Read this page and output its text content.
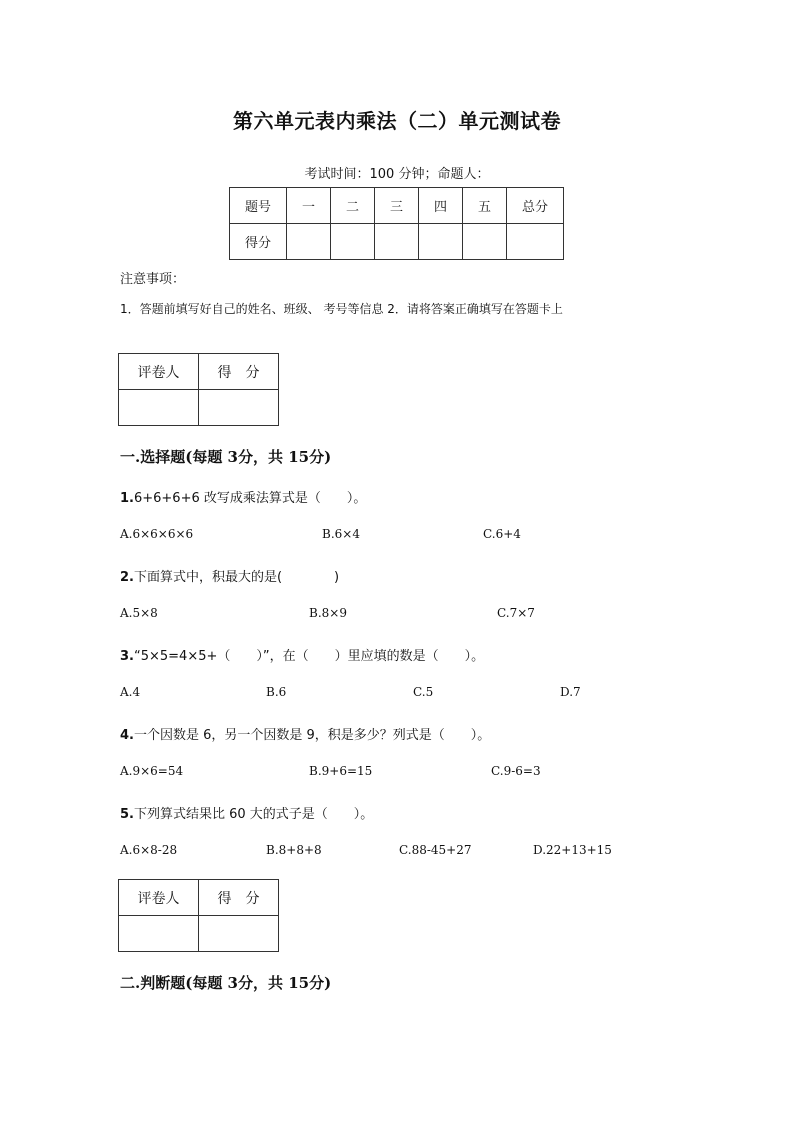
第六单元表内乘法（二）单元测试卷
考试时间：100 分钟；命题人：
题号	一	二	三	四	五	总分
得分						
注意事项：
1．答题前填写好自己的姓名、班级、 考号等信息 2．请将答案正确填写在答题卡上
评卷人	得　分

一.选择题(每题 3分，共 15分)
1.6+6+6+6 改写成乘法算式是（　　）。
A.6×6×6×6	B.6×4	C.6+4
2.下面算式中，积最大的是(　　　　)
A.5×8	B.8×9	C.7×7
3.“5×5=4×5+（　　）”，在（　　）里应填的数是（　　）。
A.4	B.6	C.5	D.7
4.一个因数是 6，另一个因数是 9，积是多少？列式是（　　）。
A.9×6=54	B.9+6=15	C.9-6=3
5.下列算式结果比 60 大的式子是（　　）。
A.6×8-28	B.8+8+8	C.88-45+27	D.22+13+15
评卷人	得　分

二.判断题(每题 3分，共 15分)
